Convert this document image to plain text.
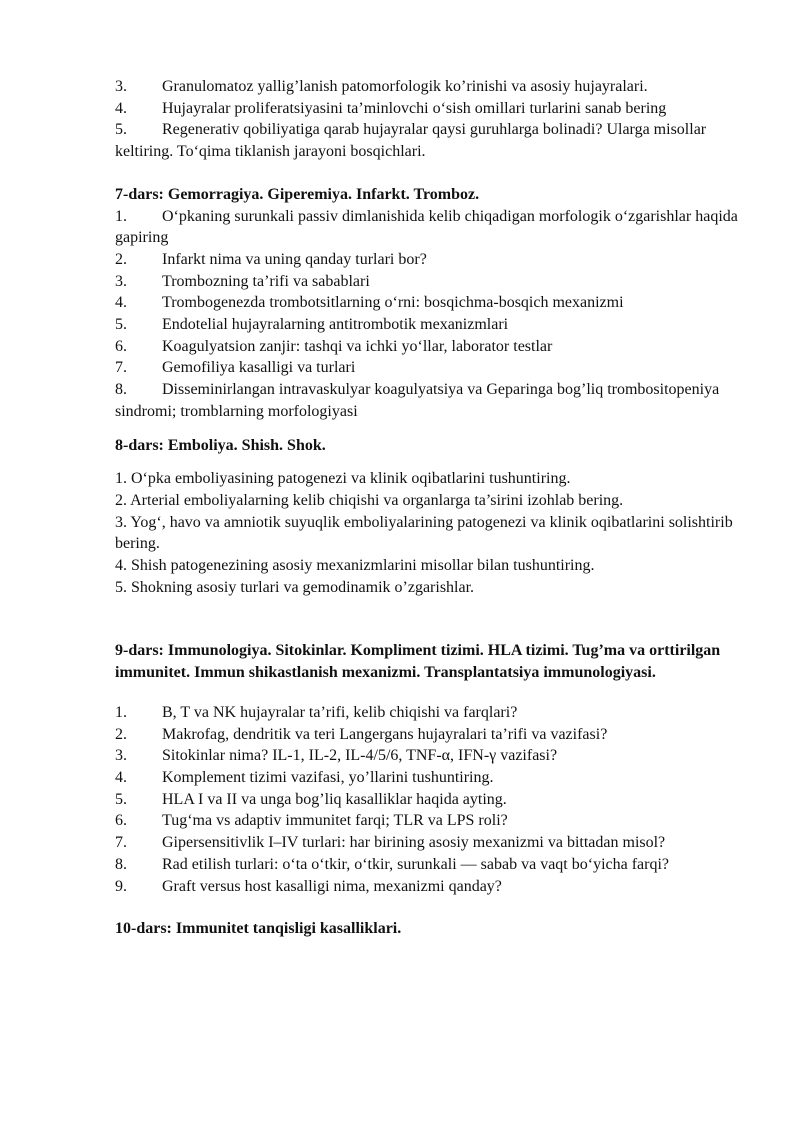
3. Granulomatoz yallig’lanish patomorfologik ko’rinishi va asosiy hujayralari.

4. Hujayralar proliferatsiyasini ta’minlovchi oʻsish omillari turlarini sanab bering

5. Regenerativ qobiliyatiga qarab hujayralar qaysi guruhlarga bolinadi? Ularga misollar keltiring. Toʻqima tiklanish jarayoni bosqichlari.

7-dars: Gemorragiya. Giperemiya. Infarkt. Tromboz.

1. Oʻpkaning surunkali passiv dimlanishida kelib chiqadigan morfologik oʻzgarishlar haqida gapiring

2. Infarkt nima va uning qanday turlari bor?

3. Trombozning ta’rifi va sabablari

4. Trombogenezda trombotsitlarning oʻrni: bosqichma-bosqich mexanizmi

5. Endotelial hujayralarning antitrombotik mexanizmlari

6. Koagulyatsion zanjir: tashqi va ichki yoʻllar, laborator testlar

7. Gemofiliya kasalligi va turlari

8. Disseminirlangan intravaskulyar koagulyatsiya va Geparinga bog’liq trombositopeniya sindromi; tromblarning morfologiyasi

8-dars: Emboliya. Shish. Shok.

1. Oʻpka emboliyasining patogenezi va klinik oqibatlarini tushuntiring.

2. Arterial emboliyalarning kelib chiqishi va organlarga ta’sirini izohlab bering.

3. Yogʻ, havo va amniotik suyuqlik emboliyalarining patogenezi va klinik oqibatlarini solishtirib bering.

4. Shish patogenezining asosiy mexanizmlarini misollar bilan tushuntiring.

5. Shokning asosiy turlari va gemodinamik o’zgarishlar.

9-dars: Immunologiya. Sitokinlar. Kompliment tizimi. HLA tizimi. Tug’ma va orttirilgan immunitet. Immun shikastlanish mexanizmi. Transplantatsiya immunologiyasi.

1. B, T va NK hujayralar ta’rifi, kelib chiqishi va farqlari?

2. Makrofag, dendritik va teri Langergans hujayralari ta’rifi va vazifasi?

3. Sitokinlar nima? IL-1, IL-2, IL-4/5/6, TNF-α, IFN-γ vazifasi?

4. Komplement tizimi vazifasi, yo’llarini tushuntiring.

5. HLA I va II va unga bog’liq kasalliklar haqida ayting.

6. Tugʻma vs adaptiv immunitet farqi; TLR va LPS roli?

7. Gipersensitivlik I–IV turlari: har birining asosiy mexanizmi va bittadan misol?

8. Rad etilish turlari: oʻta oʻtkir, oʻtkir, surunkali — sabab va vaqt boʻyicha farqi?

9. Graft versus host kasalligi nima, mexanizmi qanday?

10-dars: Immunitet tanqisligi kasalliklari.
